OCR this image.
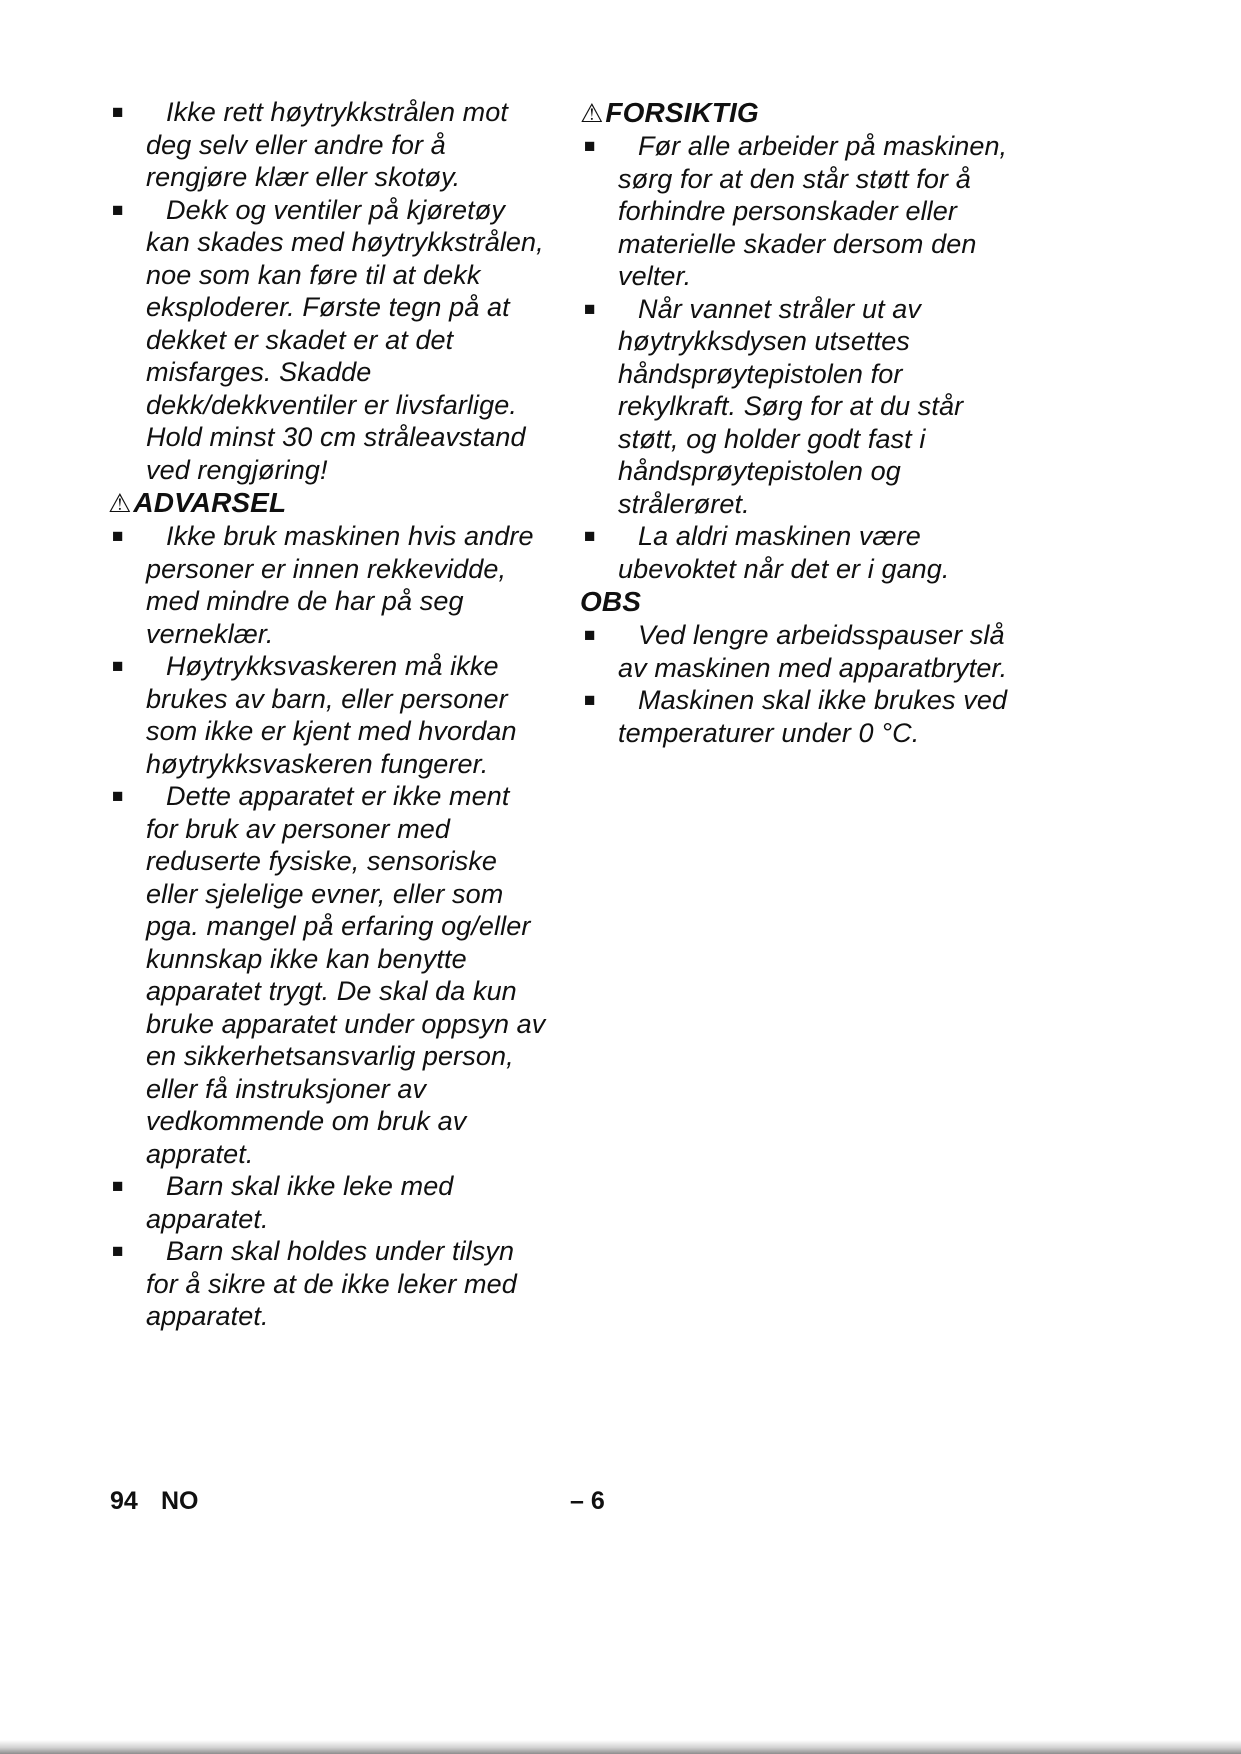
■	Ikke rett høytrykkstrålen mot deg selv eller andre for å rengjøre klær eller skotøy.
■	Dekk og ventiler på kjøretøy kan skades med høytrykkstrålen, noe som kan føre til at dekk eksploderer. Første tegn på at dekket er skadet er at det misfarges. Skadde dekk/dekkventiler er livsfarlige. Hold minst 30 cm stråleavstand ved rengjøring!
⚠ADVARSEL
■	Ikke bruk maskinen hvis andre personer er innen rekkevidde, med mindre de har på seg verneklær.
■	Høytrykksvaskeren må ikke brukes av barn, eller personer som ikke er kjent med hvordan høytrykksvaskeren fungerer.
■	Dette apparatet er ikke ment for bruk av personer med reduserte fysiske, sensoriske eller sjelelige evner, eller som pga. mangel på erfaring og/eller kunnskap ikke kan benytte apparatet trygt. De skal da kun bruke apparatet under oppsyn av en sikkerhetsansvarlig person, eller få instruksjoner av vedkommende om bruk av appratet.
■	Barn skal ikke leke med apparatet.
■	Barn skal holdes under tilsyn for å sikre at de ikke leker med apparatet.
⚠FORSIKTIG
■	Før alle arbeider på maskinen, sørg for at den står støtt for å forhindre personskader eller materielle skader dersom den velter.
■	Når vannet stråler ut av høytrykksdysen utsettes håndsprøytepistolen for rekylkraft. Sørg for at du står støtt, og holder godt fast i håndsprøytepistolen og strålerøret.
■	La aldri maskinen være ubevoktet når det er i gang.
OBS
■	Ved lengre arbeidsspauser slå av maskinen med apparatbryter.
■	Maskinen skal ikke brukes ved temperaturer under 0 °C.
94 NO	– 6
